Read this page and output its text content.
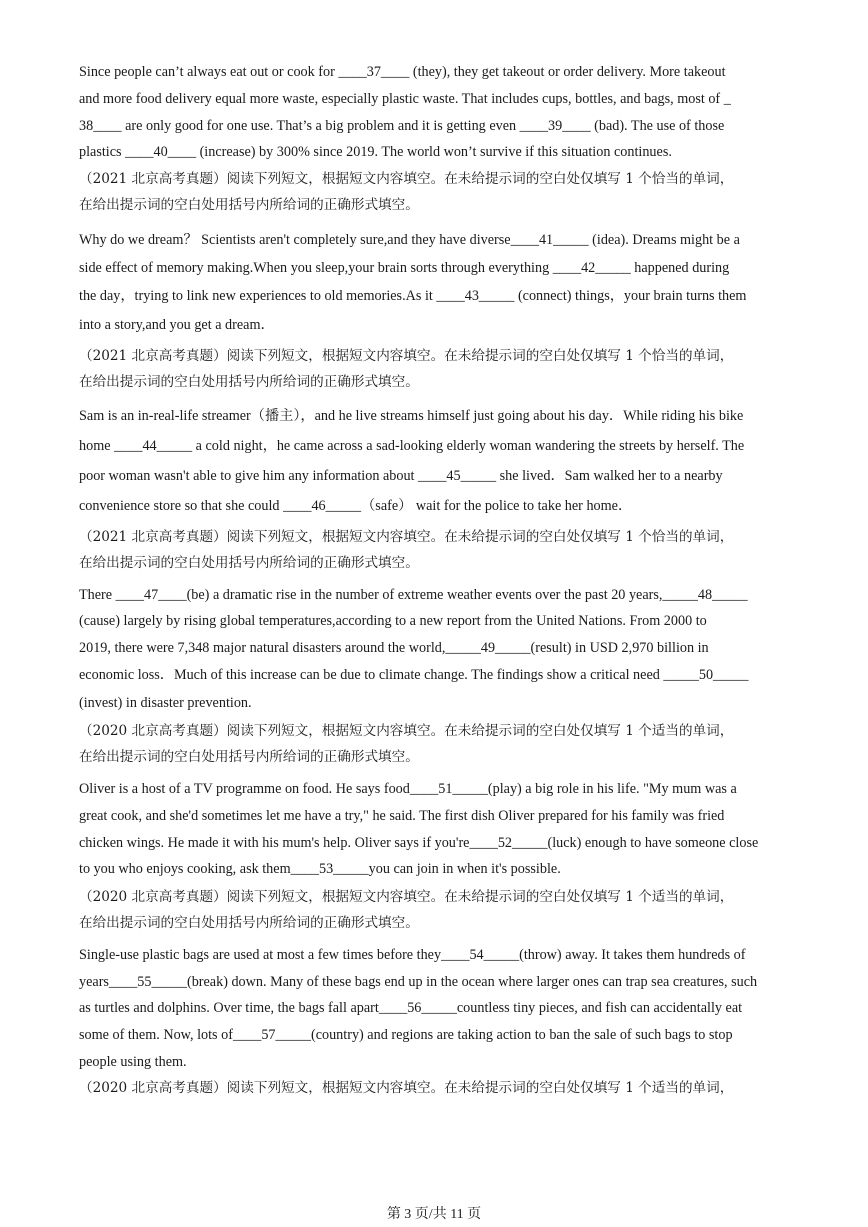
Since people can’t always eat out or cook for ____37____ (they), they get takeout or order delivery. More takeout
and more food delivery equal more waste, especially plastic waste. That includes cups, bottles, and bags, most of _
38____ are only good for one use. That’s a big problem and it is getting even ____39____ (bad). The use of those
plastics ____40____ (increase) by 300% since 2019. The world won’t survive if this situation continues.
（2021 北京高考真题）阅读下列短文，根据短文内容填空。在未给提示词的空白处仅填写 1 个恰当的单词，
在给出提示词的空白处用括号内所给词的正确形式填空。
Why do we dream？ Scientists aren't completely sure,and they have diverse____41_____ (idea). Dreams might be a
side effect of memory making.When you sleep,your brain sorts through everything ____42_____ happened during
the day，trying to link new experiences to old memories.As it ____43_____ (connect) things，your brain turns them
into a story,and you get a dream．
（2021 北京高考真题）阅读下列短文，根据短文内容填空。在未给提示词的空白处仅填写 1 个恰当的单词，
在给出提示词的空白处用括号内所给词的正确形式填空。
Sam is an in-real-life streamer（播主），and he live streams himself just going about his day．While riding his bike
home ____44_____ a cold night，he came across a sad-looking elderly woman wandering the streets by herself. The
poor woman wasn't able to give him any information about ____45_____ she lived．Sam walked her to a nearby
convenience store so that she could ____46_____（safe） wait for the police to take her home．
（2021 北京高考真题）阅读下列短文，根据短文内容填空。在未给提示词的空白处仅填写 1 个恰当的单词，
在给出提示词的空白处用括号内所给词的正确形式填空。
There ____47____(be) a dramatic rise in the number of extreme weather events over the past 20 years,_____48_____
(cause) largely by rising global temperatures,according to a new report from the United Nations. From 2000 to
2019, there were 7,348 major natural disasters around the world,_____49_____(result) in USD 2,970 billion in
economic loss．Much of this increase can be due to climate change. The findings show a critical need _____50_____
(invest) in disaster prevention.
（2020 北京高考真题）阅读下列短文，根据短文内容填空。在未给提示词的空白处仅填写 1 个适当的单词，
在给出提示词的空白处用括号内所给词的正确形式填空。
Oliver is a host of a TV programme on food. He says food____51_____(play) a big role in his life. "My mum was a
great cook, and she'd sometimes let me have a try," he said. The first dish Oliver prepared for his family was fried
chicken wings. He made it with his mum's help. Oliver says if you're____52_____(luck) enough to have someone close
to you who enjoys cooking, ask them____53_____you can join in when it's possible.
（2020 北京高考真题）阅读下列短文，根据短文内容填空。在未给提示词的空白处仅填写 1 个适当的单词，
在给出提示词的空白处用括号内所给词的正确形式填空。
Single-use plastic bags are used at most a few times before they____54_____(throw) away. It takes them hundreds of
years____55_____(break) down. Many of these bags end up in the ocean where larger ones can trap sea creatures, such
as turtles and dolphins. Over time, the bags fall apart____56_____countless tiny pieces, and fish can accidentally eat
some of them. Now, lots of____57_____(country) and regions are taking action to ban the sale of such bags to stop
people using them.
（2020 北京高考真题）阅读下列短文，根据短文内容填空。在未给提示词的空白处仅填写 1 个适当的单词，
第 3 页/共 11 页
